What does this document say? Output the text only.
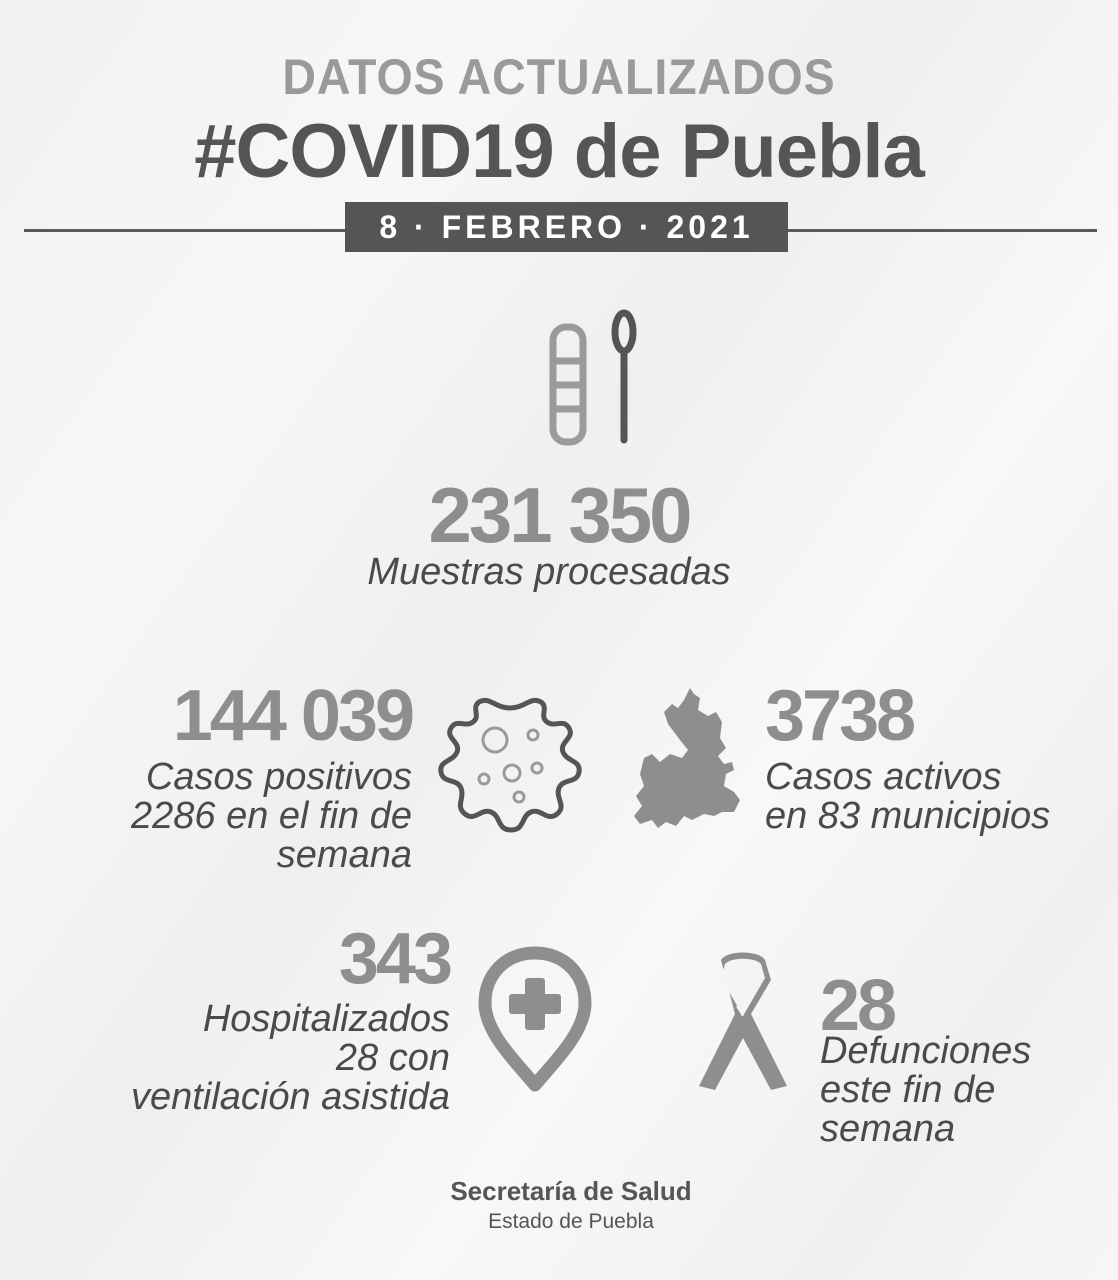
DATOS ACTUALIZADOS
#COVID19 de Puebla
8 · FEBRERO · 2021
231 350
Muestras procesadas
144 039
Casos positivos
2286 en el fin de
semana
3738
Casos activos
en 83 municipios
343
Hospitalizados
28 con
ventilación asistida
28
Defunciones
este fin de
semana
Secretaría de Salud
Estado de Puebla
